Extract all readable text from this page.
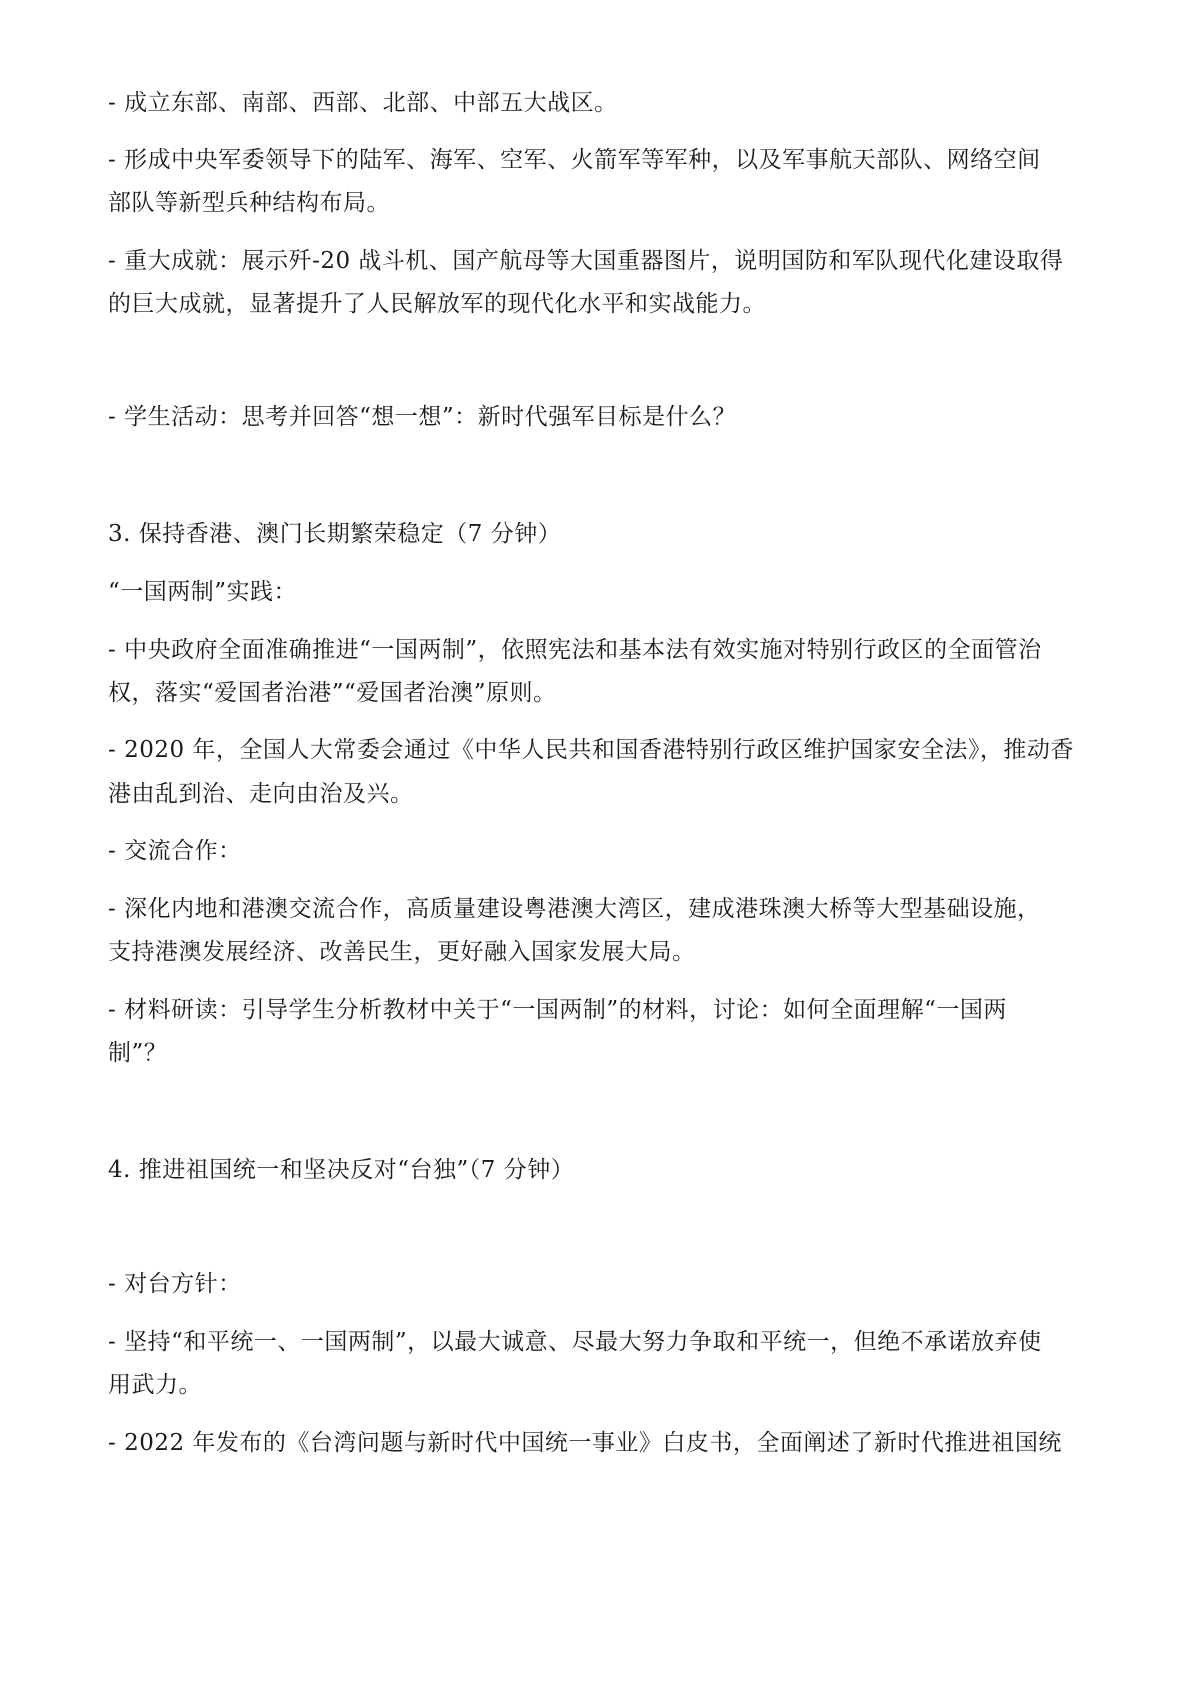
- 成立东部、南部、西部、北部、中部五大战区。
- 形成中央军委领导下的陆军、海军、空军、火箭军等军种，以及军事航天部队、网络空间
部队等新型兵种结构布局。
- 重大成就：展示歼-20 战斗机、国产航母等大国重器图片，说明国防和军队现代化建设取得
的巨大成就，显著提升了人民解放军的现代化水平和实战能力。
- 学生活动：思考并回答“想一想”：新时代强军目标是什么？
3. 保持香港、澳门长期繁荣稳定（7 分钟）
“一国两制”实践：
- 中央政府全面准确推进“一国两制”，依照宪法和基本法有效实施对特别行政区的全面管治
权，落实“爱国者治港”“爱国者治澳”原则。
- 2020 年，全国人大常委会通过《中华人民共和国香港特别行政区维护国家安全法》，推动香
港由乱到治、走向由治及兴。
- 交流合作：
- 深化内地和港澳交流合作，高质量建设粤港澳大湾区，建成港珠澳大桥等大型基础设施，
支持港澳发展经济、改善民生，更好融入国家发展大局。
- 材料研读：引导学生分析教材中关于“一国两制”的材料，讨论：如何全面理解“一国两
制”？
4. 推进祖国统一和坚决反对“台独”（7 分钟）
- 对台方针：
- 坚持“和平统一、一国两制”，以最大诚意、尽最大努力争取和平统一，但绝不承诺放弃使
用武力。
- 2022 年发布的《台湾问题与新时代中国统一事业》白皮书，全面阐述了新时代推进祖国统
